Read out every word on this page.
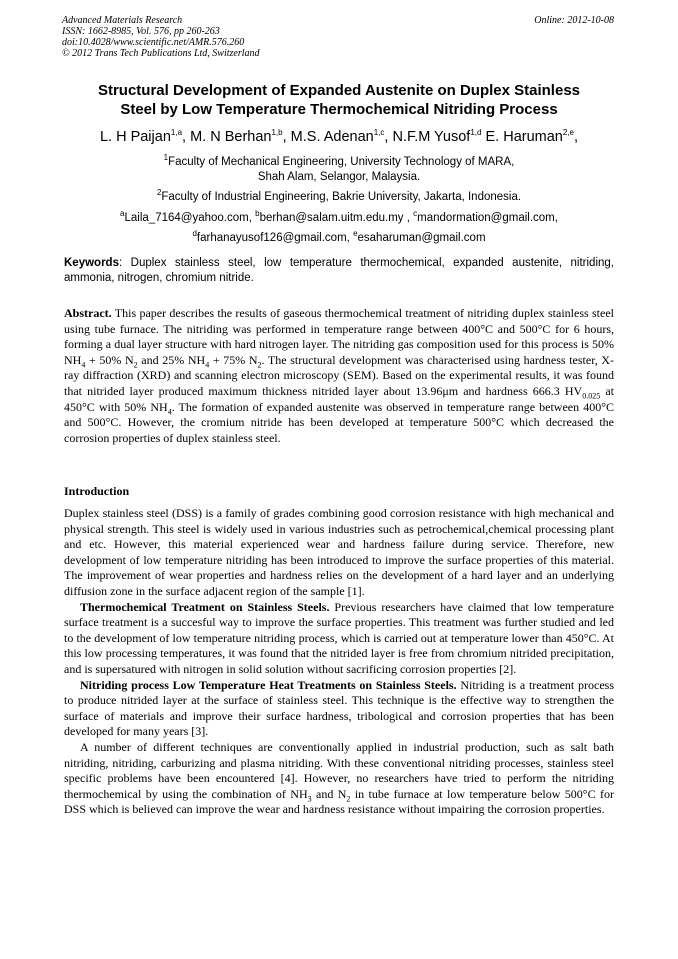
Advanced Materials Research
ISSN: 1662-8985, Vol. 576, pp 260-263
doi:10.4028/www.scientific.net/AMR.576.260
© 2012 Trans Tech Publications Ltd, Switzerland
Online: 2012-10-08
Structural Development of Expanded Austenite on Duplex Stainless
Steel by Low Temperature Thermochemical Nitriding Process
L. H Paijan$^{1,a}$, M. N Berhan$^{1,b}$, M.S. Adenan$^{1,c}$, N.F.M Yusof$^{1,d}$ E. Haruman$^{2,e}$,
$^1$Faculty of Mechanical Engineering, University Technology of MARA,
Shah Alam, Selangor, Malaysia.
$^2$Faculty of Industrial Engineering, Bakrie University, Jakarta, Indonesia.
$^a$Laila_7164@yahoo.com, $^b$berhan@salam.uitm.edu.my , $^c$mandormation@gmail.com,
$^d$farhanayusof126@gmail.com, $^e$esaharuman@gmail.com
Keywords: Duplex stainless steel, low temperature thermochemical, expanded austenite, nitriding, ammonia, nitrogen, chromium nitride.
Abstract. This paper describes the results of gaseous thermochemical treatment of nitriding duplex stainless steel using tube furnace. The nitriding was performed in temperature range between 400°C and 500°C for 6 hours, forming a dual layer structure with hard nitrogen layer. The nitriding gas composition used for this process is 50% $NH_4 + 50\%$ $N_2$ and 25% $NH_4 + 75\%$ $N_2$. The structural development was characterised using hardness tester, X-ray diffraction (XRD) and scanning electron microscopy (SEM). Based on the experimental results, it was found that nitrided layer produced maximum thickness nitrided layer about 13.96μm and hardness 666.3 $HV_{0.025}$ at 450°C with 50% $NH_4$. The formation of expanded austenite was observed in temperature range between 400°C and 500°C. However, the cromium nitride has been developed at temperature 500°C which decreased the corrosion properties of duplex stainless steel.
Introduction

Duplex stainless steel (DSS) is a family of grades combining good corrosion resistance with high mechanical and physical strength. This steel is widely used in various industries such as petrochemical,chemical processing plant and etc. However, this material experienced wear and hardness failure during service. Therefore, new development of low temperature nitriding has been introduced to improve the surface properties of this material. The improvement of wear properties and hardness relies on the development of a hard layer and an underlying diffusion zone in the surface adjacent region of the sample [1].

Thermochemical Treatment on Stainless Steels. Previous researchers have claimed that low temperature surface treatment is a succesful way to improve the surface properties. This treatment was further studied and led to the development of low temperature nitriding process, which is carried out at temperature lower than 450°C. At this low processing temperatures, it was found that the nitrided layer is free from chromium nitrided precipitation, and is supersatured with nitrogen in solid solution without sacrificing corrosion properties [2].

Nitriding process Low Temperature Heat Treatments on Stainless Steels. Nitriding is a treatment process to produce nitrided layer at the surface of stainless steel. This technique is the effective way to strengthen the surface of materials and improve their surface hardness, tribological and corrosion properties that has been developed for many years [3].

A number of different techniques are conventionally applied in industrial production, such as salt bath nitriding, nitriding, carburizing and plasma nitriding. With these conventional nitriding processes, stainless steel specific problems have been encountered [4]. However, no researchers have tried to perform the nitriding thermochemical by using the combination of $NH_3$ and $N_2$ in tube furnace at low temperature below 500°C for DSS which is believed can improve the wear and hardness resistance without impairing the corrosion properties.
